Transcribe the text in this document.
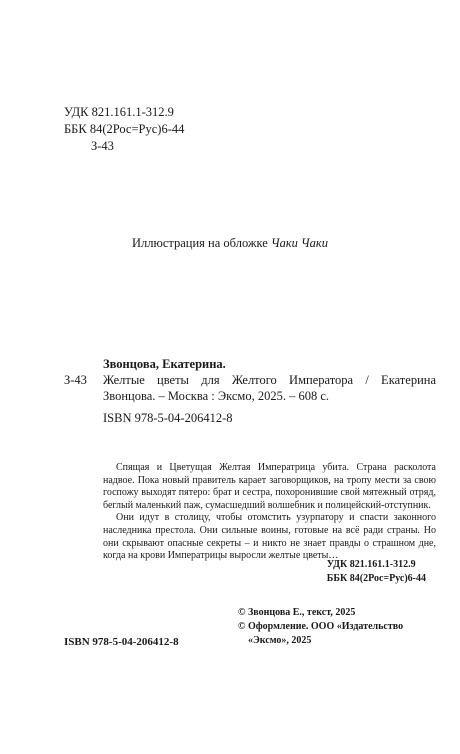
УДК 821.161.1-312.9
ББК 84(2Рос=Рус)6-44
З-43
Иллюстрация на обложке Чаки Чаки
Звонцова, Екатерина.
З-43	Желтые цветы для Желтого Императора / Екатерина Звонцова. – Москва : Эксмо, 2025. – 608 с.
ISBN 978-5-04-206412-8

Спящая и Цветущая Желтая Императрица убита. Страна расколота надвое. Пока новый правитель карает заговорщиков, на тропу мести за свою госпожу выходят пятеро: брат и сестра, похоронившие свой мятежный отряд, беглый маленький паж, сумасшедший волшебник и полицейский-отступник.

Они идут в столицу, чтобы отомстить узурпатору и спасти законного наследника престола. Они сильные воины, готовые на всё ради страны. Но они скрывают опасные секреты – и никто не знает правды о страшном дне, когда на крови Императрицы выросли желтые цветы…

УДК 821.161.1-312.9
ББК 84(2Рос=Рус)6-44
© Звонцова Е., текст, 2025
© Оформление. ООО «Издательство
«Эксмо», 2025
ISBN 978-5-04-206412-8
